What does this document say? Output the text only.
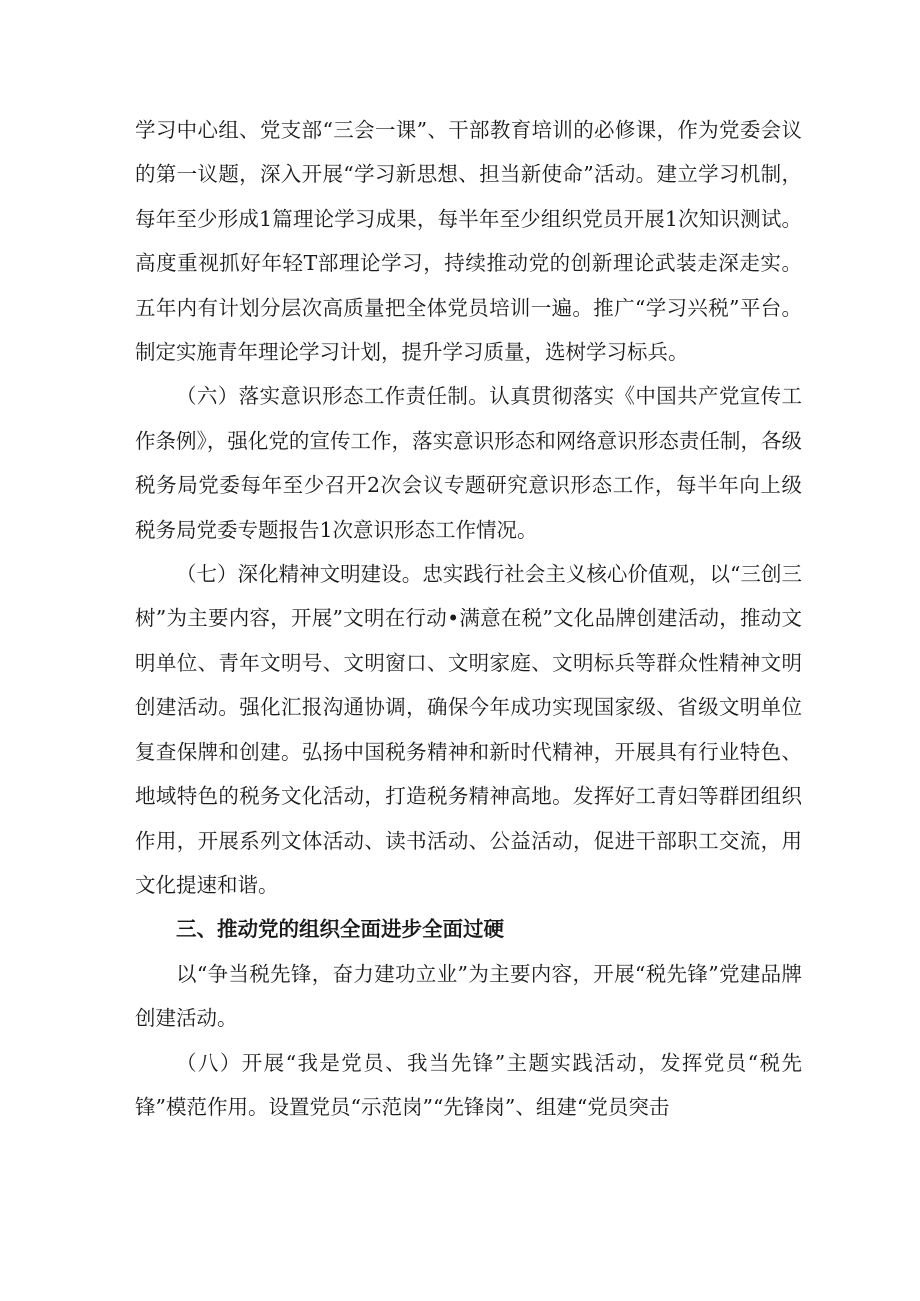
学习中心组、党支部“三会一课”、干部教育培训的必修课，作为党委会议的第一议题，深入开展“学习新思想、担当新使命”活动。建立学习机制，每年至少形成1篇理论学习成果，每半年至少组织党员开展1次知识测试。高度重视抓好年轻T部理论学习，持续推动党的创新理论武装走深走实。五年内有计划分层次高质量把全体党员培训一遍。推广“学习兴税”平台。制定实施青年理论学习计划，提升学习质量，选树学习标兵。

（六）落实意识形态工作责任制。认真贯彻落实《中国共产党宣传工作条例》，强化党的宣传工作，落实意识形态和网络意识形态责任制，各级税务局党委每年至少召开2次会议专题研究意识形态工作，每半年向上级税务局党委专题报告1次意识形态工作情况。

（七）深化精神文明建设。忠实践行社会主义核心价值观，以“三创三树”为主要内容，开展”文明在行动•满意在税”文化品牌创建活动，推动文明单位、青年文明号、文明窗口、文明家庭、文明标兵等群众性精神文明创建活动。强化汇报沟通协调，确保今年成功实现国家级、省级文明单位复查保牌和创建。弘扬中国税务精神和新时代精神，开展具有行业特色、地域特色的税务文化活动，打造税务精神高地。发挥好工青妇等群团组织作用，开展系列文体活动、读书活动、公益活动，促进干部职工交流，用文化提速和谐。

三、推动党的组织全面进步全面过硬

以“争当税先锋，奋力建功立业”为主要内容，开展“税先锋”党建品牌创建活动。

（八）开展“我是党员、我当先锋”主题实践活动，发挥党员“税先锋”模范作用。设置党员“示范岗”“先锋岗”、组建“党员突击
